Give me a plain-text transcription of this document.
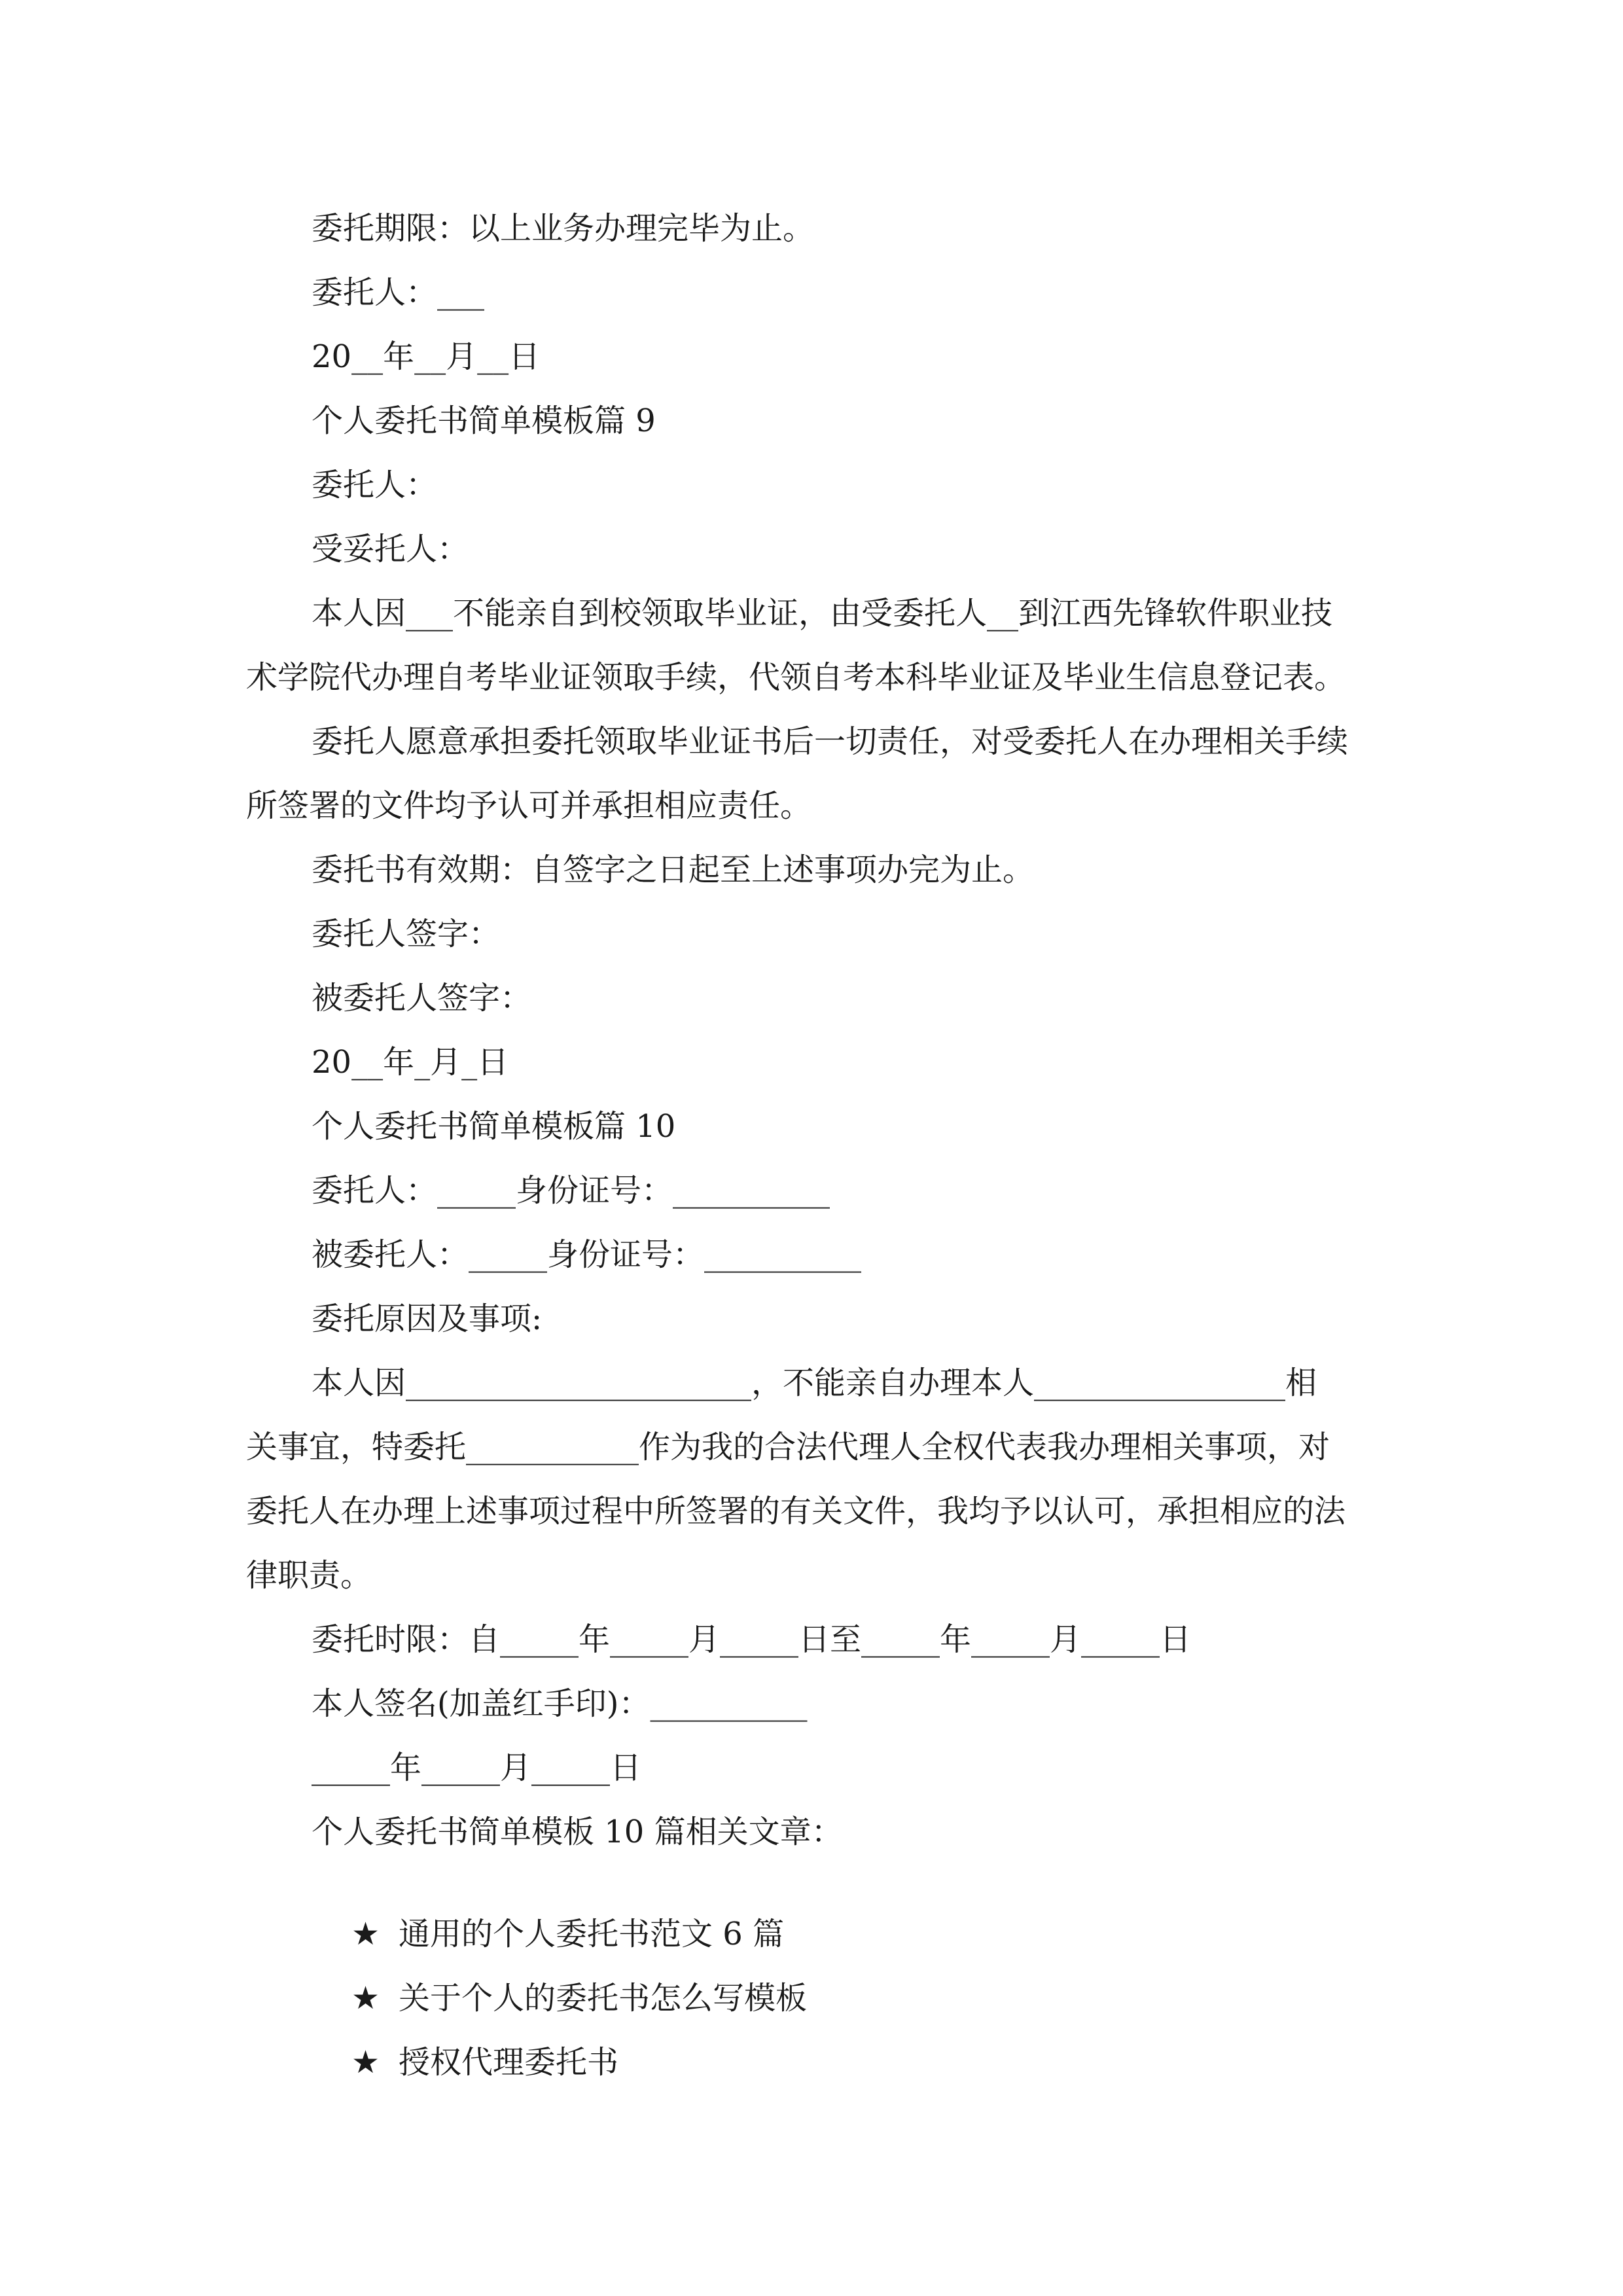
委托期限：以上业务办理完毕为止。
委托人：___
20__年__月__日
个人委托书简单模板篇 9
委托人：
受妥托人：
本人因___不能亲自到校领取毕业证，由受委托人__到江西先锋软件职业技
术学院代办理自考毕业证领取手续，代领自考本科毕业证及毕业生信息登记表。
委托人愿意承担委托领取毕业证书后一切责任，对受委托人在办理相关手续
所签署的文件均予认可并承担相应责任。
委托书有效期：自签字之日起至上述事项办完为止。
委托人签字：
被委托人签字：
20__年_月_日
个人委托书简单模板篇 10
委托人：_____身份证号：__________
被委托人：_____身份证号：__________
委托原因及事项:
本人因______________________，不能亲自办理本人________________相
关事宜，特委托___________作为我的合法代理人全权代表我办理相关事项，对
委托人在办理上述事项过程中所签署的有关文件，我均予以认可，承担相应的法
律职责。
委托时限：自_____年_____月_____日至_____年_____月_____日
本人签名(加盖红手印)：__________
_____年_____月_____日
个人委托书简单模板 10 篇相关文章：

★ 通用的个人委托书范文 6 篇

★ 关于个人的委托书怎么写模板

★ 授权代理委托书
